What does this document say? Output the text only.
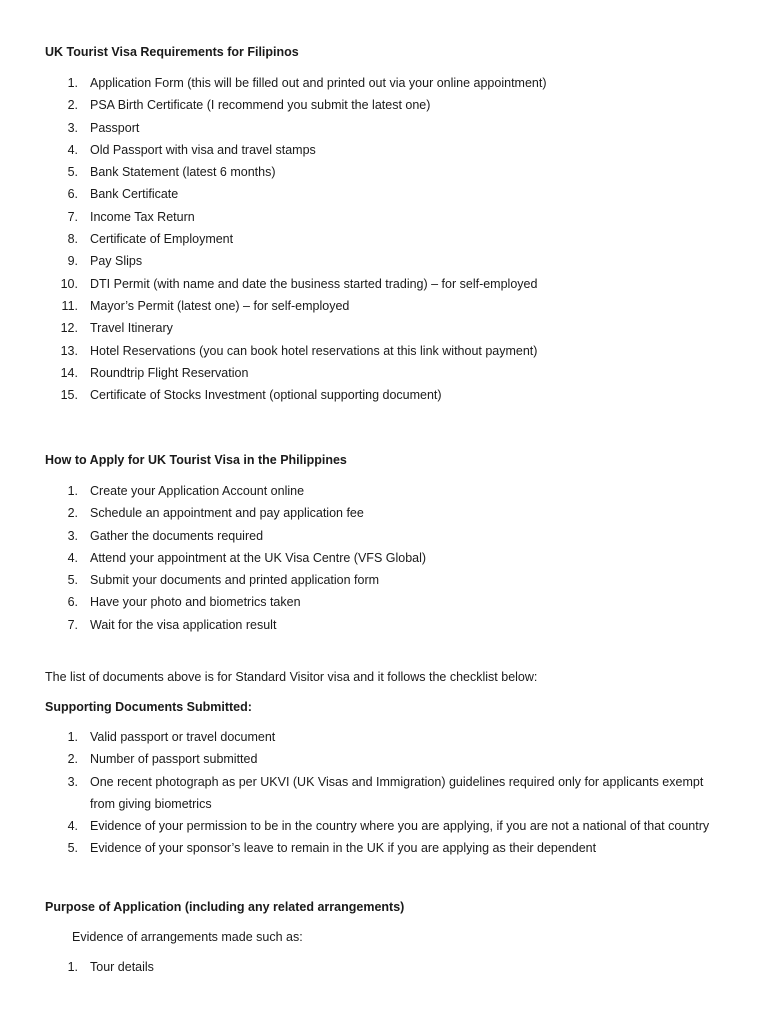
UK Tourist Visa Requirements for Filipinos
1. Application Form (this will be filled out and printed out via your online appointment)
2. PSA Birth Certificate (I recommend you submit the latest one)
3. Passport
4. Old Passport with visa and travel stamps
5. Bank Statement (latest 6 months)
6. Bank Certificate
7. Income Tax Return
8. Certificate of Employment
9. Pay Slips
10. DTI Permit (with name and date the business started trading) – for self-employed
11. Mayor’s Permit (latest one) – for self-employed
12. Travel Itinerary
13. Hotel Reservations (you can book hotel reservations at this link without payment)
14. Roundtrip Flight Reservation
15. Certificate of Stocks Investment (optional supporting document)
How to Apply for UK Tourist Visa in the Philippines
1. Create your Application Account online
2. Schedule an appointment and pay application fee
3. Gather the documents required
4. Attend your appointment at the UK Visa Centre (VFS Global)
5. Submit your documents and printed application form
6. Have your photo and biometrics taken
7. Wait for the visa application result
The list of documents above is for Standard Visitor visa and it follows the checklist below:
Supporting Documents Submitted:
1. Valid passport or travel document
2. Number of passport submitted
3. One recent photograph as per UKVI (UK Visas and Immigration) guidelines required only for applicants exempt from giving biometrics
4. Evidence of your permission to be in the country where you are applying, if you are not a national of that country
5. Evidence of your sponsor’s leave to remain in the UK if you are applying as their dependent
Purpose of Application (including any related arrangements)
Evidence of arrangements made such as:
1. Tour details
